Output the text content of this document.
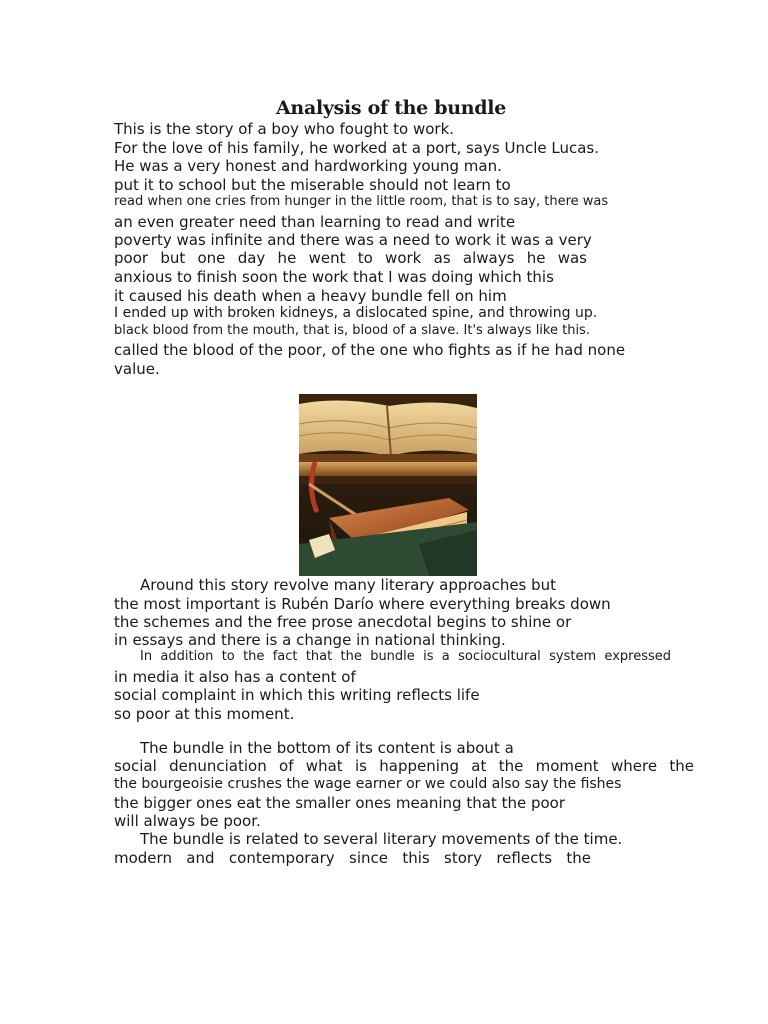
Analysis of the bundle
This is the story of a boy who fought to work.
For the love of his family, he worked at a port, says Uncle Lucas.
He was a very honest and hardworking young man.
put it to school but the miserable should not learn to
read when one cries from hunger in the little room, that is to say, there was
an even greater need than learning to read and write
poverty was infinite and there was a need to work it was a very
poor but one day he went to work as always he was
anxious to finish soon the work that I was doing which this
it caused his death when a heavy bundle fell on him
I ended up with broken kidneys, a dislocated spine, and throwing up.
black blood from the mouth, that is, blood of a slave. It's always like this.
called the blood of the poor, of the one who fights as if he had none
value.
Around this story revolve many literary approaches but
the most important is Rubén Darío where everything breaks down
the schemes and the free prose anecdotal begins to shine or
in essays and there is a change in national thinking.
In addition to the fact that the bundle is a sociocultural system expressed
in media it also has a content of
social complaint in which this writing reflects life
so poor at this moment.
The bundle in the bottom of its content is about a
social denunciation of what is happening at the moment where the
the bourgeoisie crushes the wage earner or we could also say the fishes
the bigger ones eat the smaller ones meaning that the poor
will always be poor.
The bundle is related to several literary movements of the time.
modern and contemporary since this story reflects the
